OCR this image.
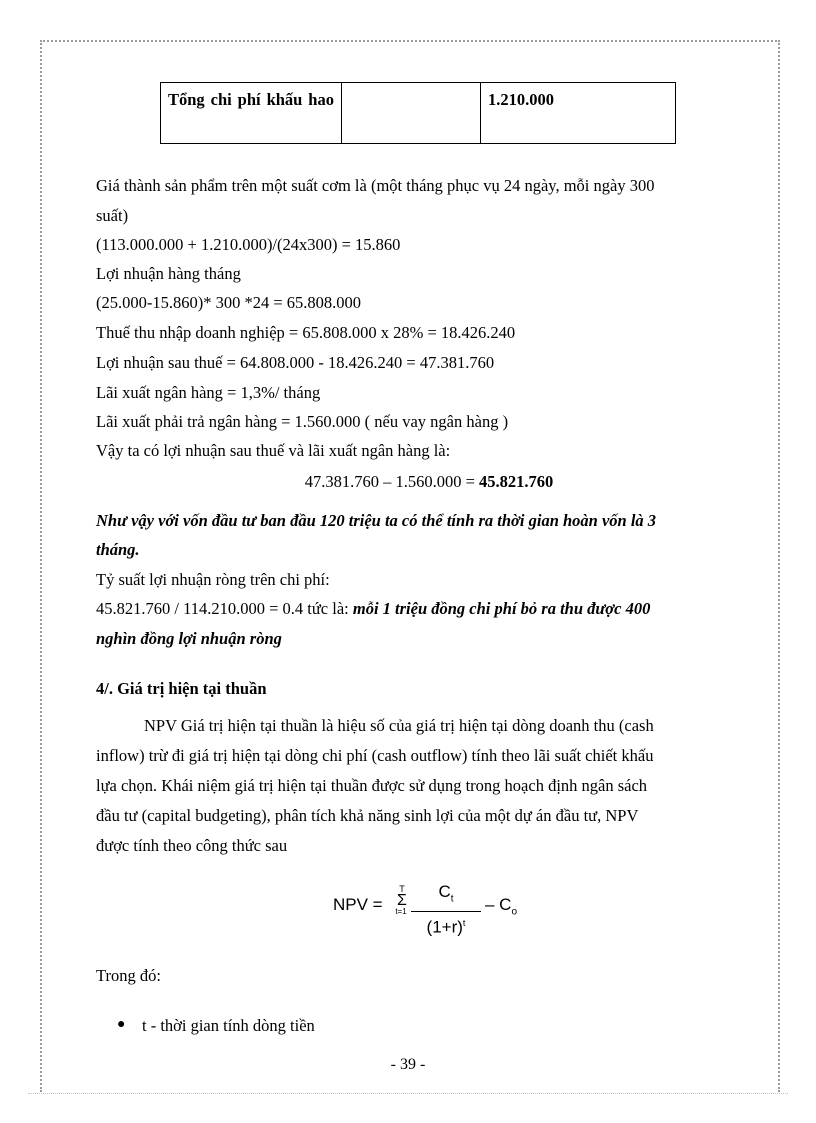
Tổng chi phí khấu hao		1.210.000
Giá thành sản phẩm trên một suất cơm là (một tháng phục vụ 24 ngày, mỗi ngày 300
suất)
(113.000.000 + 1.210.000)/(24x300) = 15.860
Lợi nhuận hàng tháng
(25.000-15.860)* 300 *24 = 65.808.000
Thuế thu nhập doanh nghiệp = 65.808.000 x 28% = 18.426.240
Lợi nhuận sau thuế = 64.808.000 - 18.426.240 = 47.381.760
Lãi xuất ngân hàng = 1,3%/ tháng
Lãi xuất phải trả ngân hàng = 1.560.000 ( nếu vay ngân hàng )
Vậy ta có lợi nhuận sau thuế và lãi xuất ngân hàng là:
47.381.760 – 1.560.000 = 45.821.760
Như vậy với vốn đầu tư ban đầu 120 triệu ta có thể tính ra thời gian hoàn vốn là 3
tháng.
Tỷ suất lợi nhuận ròng trên chi phí:
45.821.760 / 114.210.000 = 0.4 tức là: mỗi 1 triệu đồng chi phí bỏ ra thu được 400
nghìn đồng lợi nhuận ròng
4/. Giá trị hiện tại thuần
NPV Giá trị hiện tại thuần là hiệu số của giá trị hiện tại dòng doanh thu (cash
inflow) trừ đi giá trị hiện tại dòng chi phí (cash outflow) tính theo lãi suất chiết khấu
lựa chọn. Khái niệm giá trị hiện tại thuần được sử dụng trong hoạch định ngân sách
đầu tư (capital budgeting), phân tích khả năng sinh lợi của một dự án đầu tư, NPV
được tính theo công thức sau
NPV =
T
Σ
t=1
$C_t$
$(1+r)^t$
– $C_o$
Trong đó:
● t - thời gian tính dòng tiền
- 39 -
